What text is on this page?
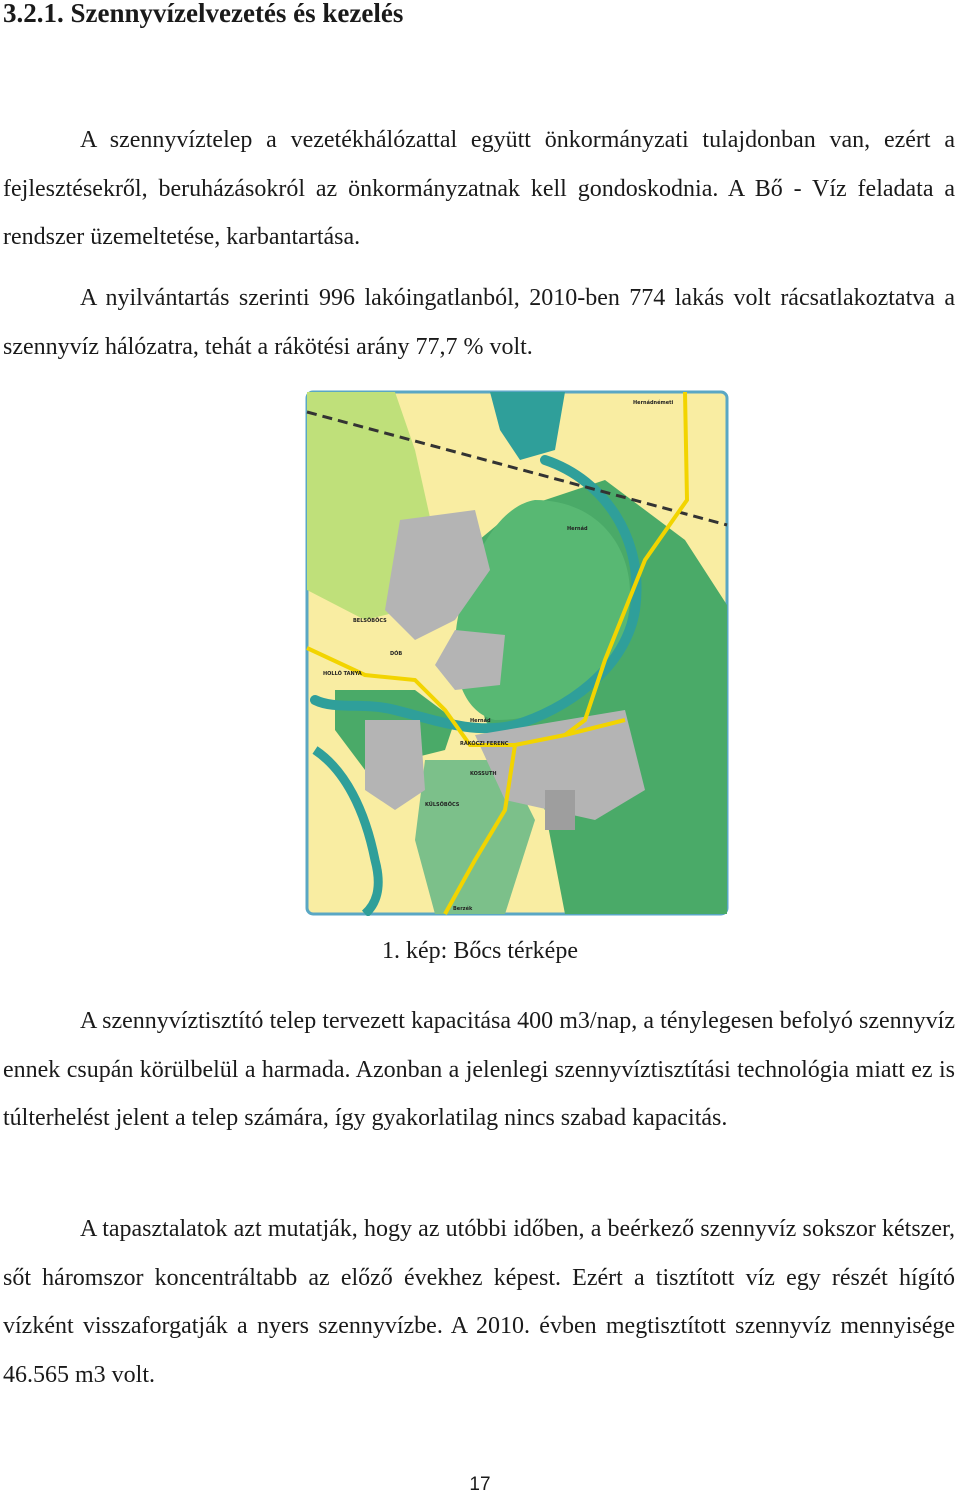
3.2.1. Szennyvízelvezetés és kezelés

A szennyvíztelep a vezetékhálózattal együtt önkormányzati tulajdonban van, ezért a fejlesztésekről, beruházásokról az önkormányzatnak kell gondoskodnia. A Bő - Víz feladata a rendszer üzemeltetése, karbantartása.

A nyilvántartás szerinti 996 lakóingatlanból, 2010-ben 774 lakás volt rácsatlakoztatva a szennyvíz hálózatra, tehát a rákötési arány 77,7 % volt.

Hernádnémeti
BELSŐBŐCS
KÜLSŐBŐCS
Hernád
Hernád
RÁKÓCZI FERENC
Berzék
KOSSUTH
DÓB
HOLLÓ TANYA

1. kép: Bőcs térképe

A szennyvíztisztító telep tervezett kapacitása 400 m3/nap, a ténylegesen befolyó szennyvíz ennek csupán körülbelül a harmada. Azonban a jelenlegi szennyvíztisztítási technológia miatt ez is túlterhelést jelent a telep számára, így gyakorlatilag nincs szabad kapacitás.

A tapasztalatok azt mutatják, hogy az utóbbi időben, a beérkező szennyvíz sokszor kétszer, sőt háromszor koncentráltabb az előző évekhez képest. Ezért a tisztított víz egy részét hígító vízként visszaforgatják a nyers szennyvízbe. A 2010. évben megtisztított szennyvíz mennyisége 46.565 m3 volt.

17
